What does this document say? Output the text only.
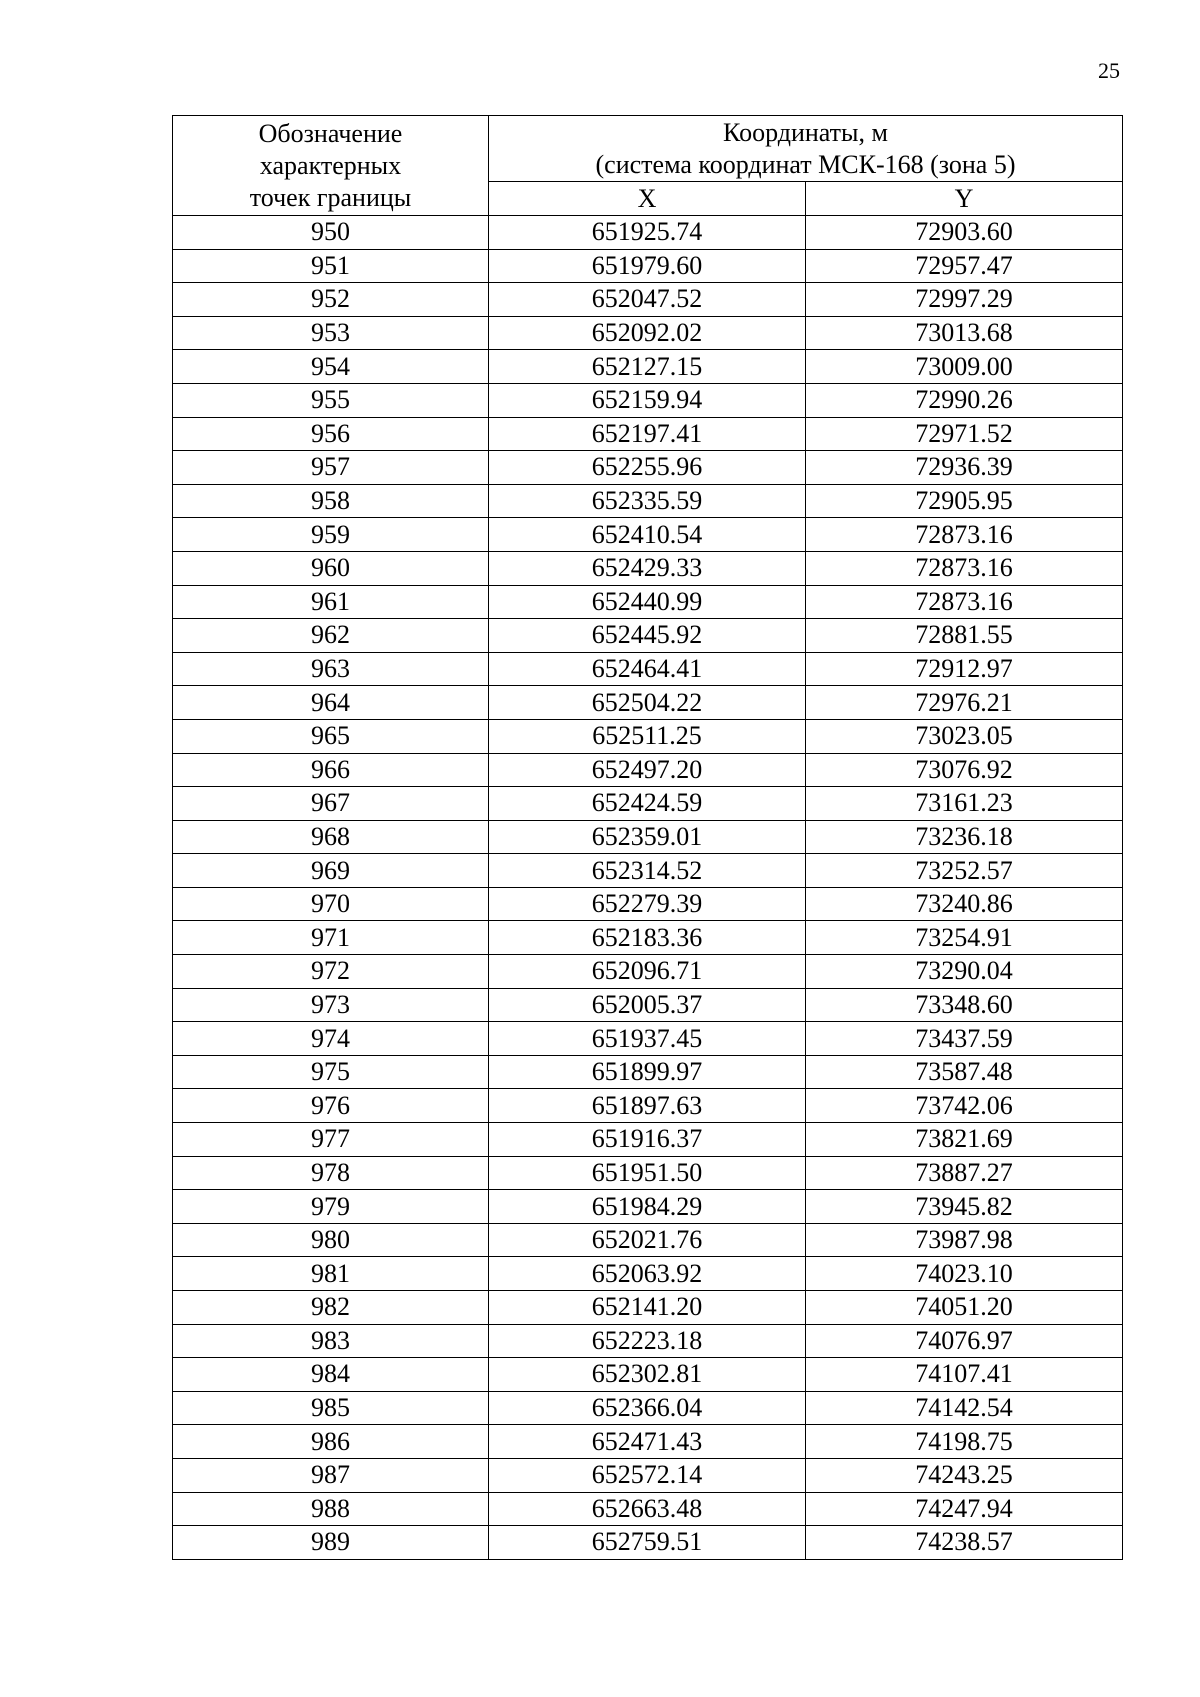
25
Обозначение
характерных
точек границы	Координаты, м
(система координат МСК-168 (зона 5)	

	X	Y
950	651925.74	72903.60
951	651979.60	72957.47
952	652047.52	72997.29
953	652092.02	73013.68
954	652127.15	73009.00
955	652159.94	72990.26
956	652197.41	72971.52
957	652255.96	72936.39
958	652335.59	72905.95
959	652410.54	72873.16
960	652429.33	72873.16
961	652440.99	72873.16
962	652445.92	72881.55
963	652464.41	72912.97
964	652504.22	72976.21
965	652511.25	73023.05
966	652497.20	73076.92
967	652424.59	73161.23
968	652359.01	73236.18
969	652314.52	73252.57
970	652279.39	73240.86
971	652183.36	73254.91
972	652096.71	73290.04
973	652005.37	73348.60
974	651937.45	73437.59
975	651899.97	73587.48
976	651897.63	73742.06
977	651916.37	73821.69
978	651951.50	73887.27
979	651984.29	73945.82
980	652021.76	73987.98
981	652063.92	74023.10
982	652141.20	74051.20
983	652223.18	74076.97
984	652302.81	74107.41
985	652366.04	74142.54
986	652471.43	74198.75
987	652572.14	74243.25
988	652663.48	74247.94
989	652759.51	74238.57
